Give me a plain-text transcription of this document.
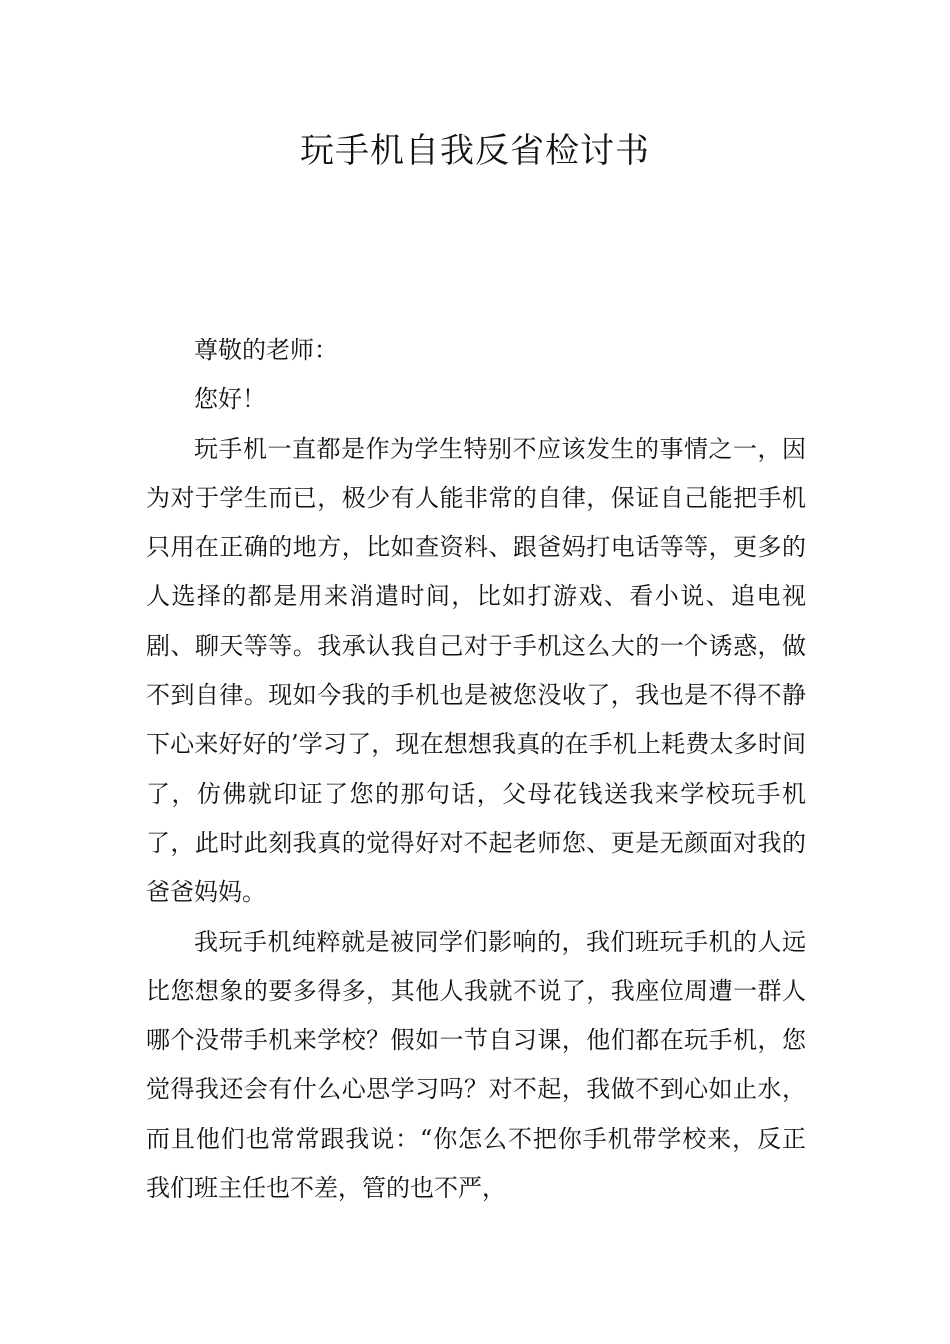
玩手机自我反省检讨书

尊敬的老师：

您好！

玩手机一直都是作为学生特别不应该发生的事情之一，因为对于学生而已，极少有人能非常的自律，保证自己能把手机只用在正确的地方，比如查资料、跟爸妈打电话等等，更多的人选择的都是用来消遣时间，比如打游戏、看小说、追电视剧、聊天等等。我承认我自己对于手机这么大的一个诱惑，做不到自律。现如今我的手机也是被您没收了，我也是不得不静下心来好好的’学习了，现在想想我真的在手机上耗费太多时间了，仿佛就印证了您的那句话，父母花钱送我来学校玩手机了，此时此刻我真的觉得好对不起老师您、更是无颜面对我的爸爸妈妈。

我玩手机纯粹就是被同学们影响的，我们班玩手机的人远比您想象的要多得多，其他人我就不说了，我座位周遭一群人哪个没带手机来学校？假如一节自习课，他们都在玩手机，您觉得我还会有什么心思学习吗？对不起，我做不到心如止水，而且他们也常常跟我说：“你怎么不把你手机带学校来，反正我们班主任也不差，管的也不严，
